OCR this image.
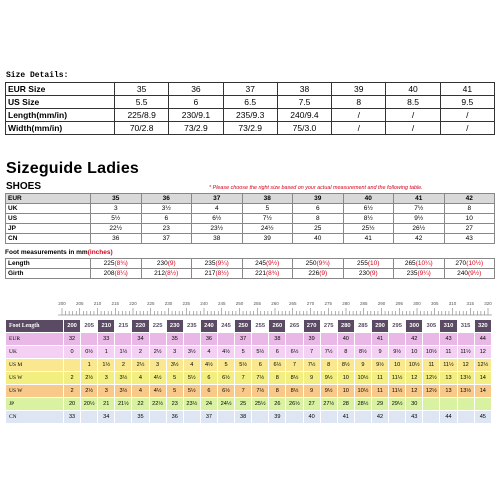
Size Details:
EUR Size	35	36	37	38	39	40	41
US Size	5.5	6	6.5	7.5	8	8.5	9.5
Length(mm/in)	225/8.9	230/9.1	235/9.3	240/9.4	/	/	/
Width(mm/in)	70/2.8	73/2.9	73/2.9	75/3.0	/	/	/
Sizeguide Ladies
SHOES	* Please choose the right size based on your actual measurement and the following table.
EUR	35	36	37	38	39	40	41	42
UK	3	3½	4	5	6	6½	7½	8
US	5½	6	6½	7½	8	8½	9½	10
JP	22½	23	23½	24½	25	25½	26½	27
CN	36	37	38	39	40	41	42	43
Foot measurements in mm(inches)
Length	225(8¾)	230(9)	235(9¼)	245(9½)	250(9¾)	255(10)	265(10¼)	270(10½)
Girth	208(8¼)	212(8½)	217(8½)	221(8¾)	226(9)	230(9)	235(9¼)	240(9½)
200 205 210 215 220 225 230 235 240 245 250 255 260 265 270 275 280 285 290 295 300 305 310 315 320
Foot Length	200	205	210	215	220	225	230	235	240	245	250	255	260	265	270	275	280	285	290	295	300	305	310	315	320
EUR	32		33		34		35		36		37		38		39		40		41		42		43		44
UK	0	0½	1	1½	2	2½	3	3½	4	4½	5	5½	6	6½	7	7½	8	8½	9	9½	10	10½	11	11½	12
US M		1	1½	2	2½	3	3½	4	4½	5	5½	6	6½	7	7½	8	8½	9	9½	10	10½	11	11½	12	12½
US W	2	2½	3	3½	4	4½	5	5½	6	6½	7	7½	8	8½	9	9½	10	10½	11	11½	12	12½	13	13½	14
US W	2	2½	3	3½	4	4½	5	5½	6	6½	7	7½	8	8½	9	9½	10	10½	11	11½	12	12½	13	13½	14
JP	20	20½	21	21½	22	22½	23	23½	24	24½	25	25½	26	26½	27	27½	28	28½	29	29½	30				
CN	33		34		35		36		37		38		39		40		41		42		43		44		45
